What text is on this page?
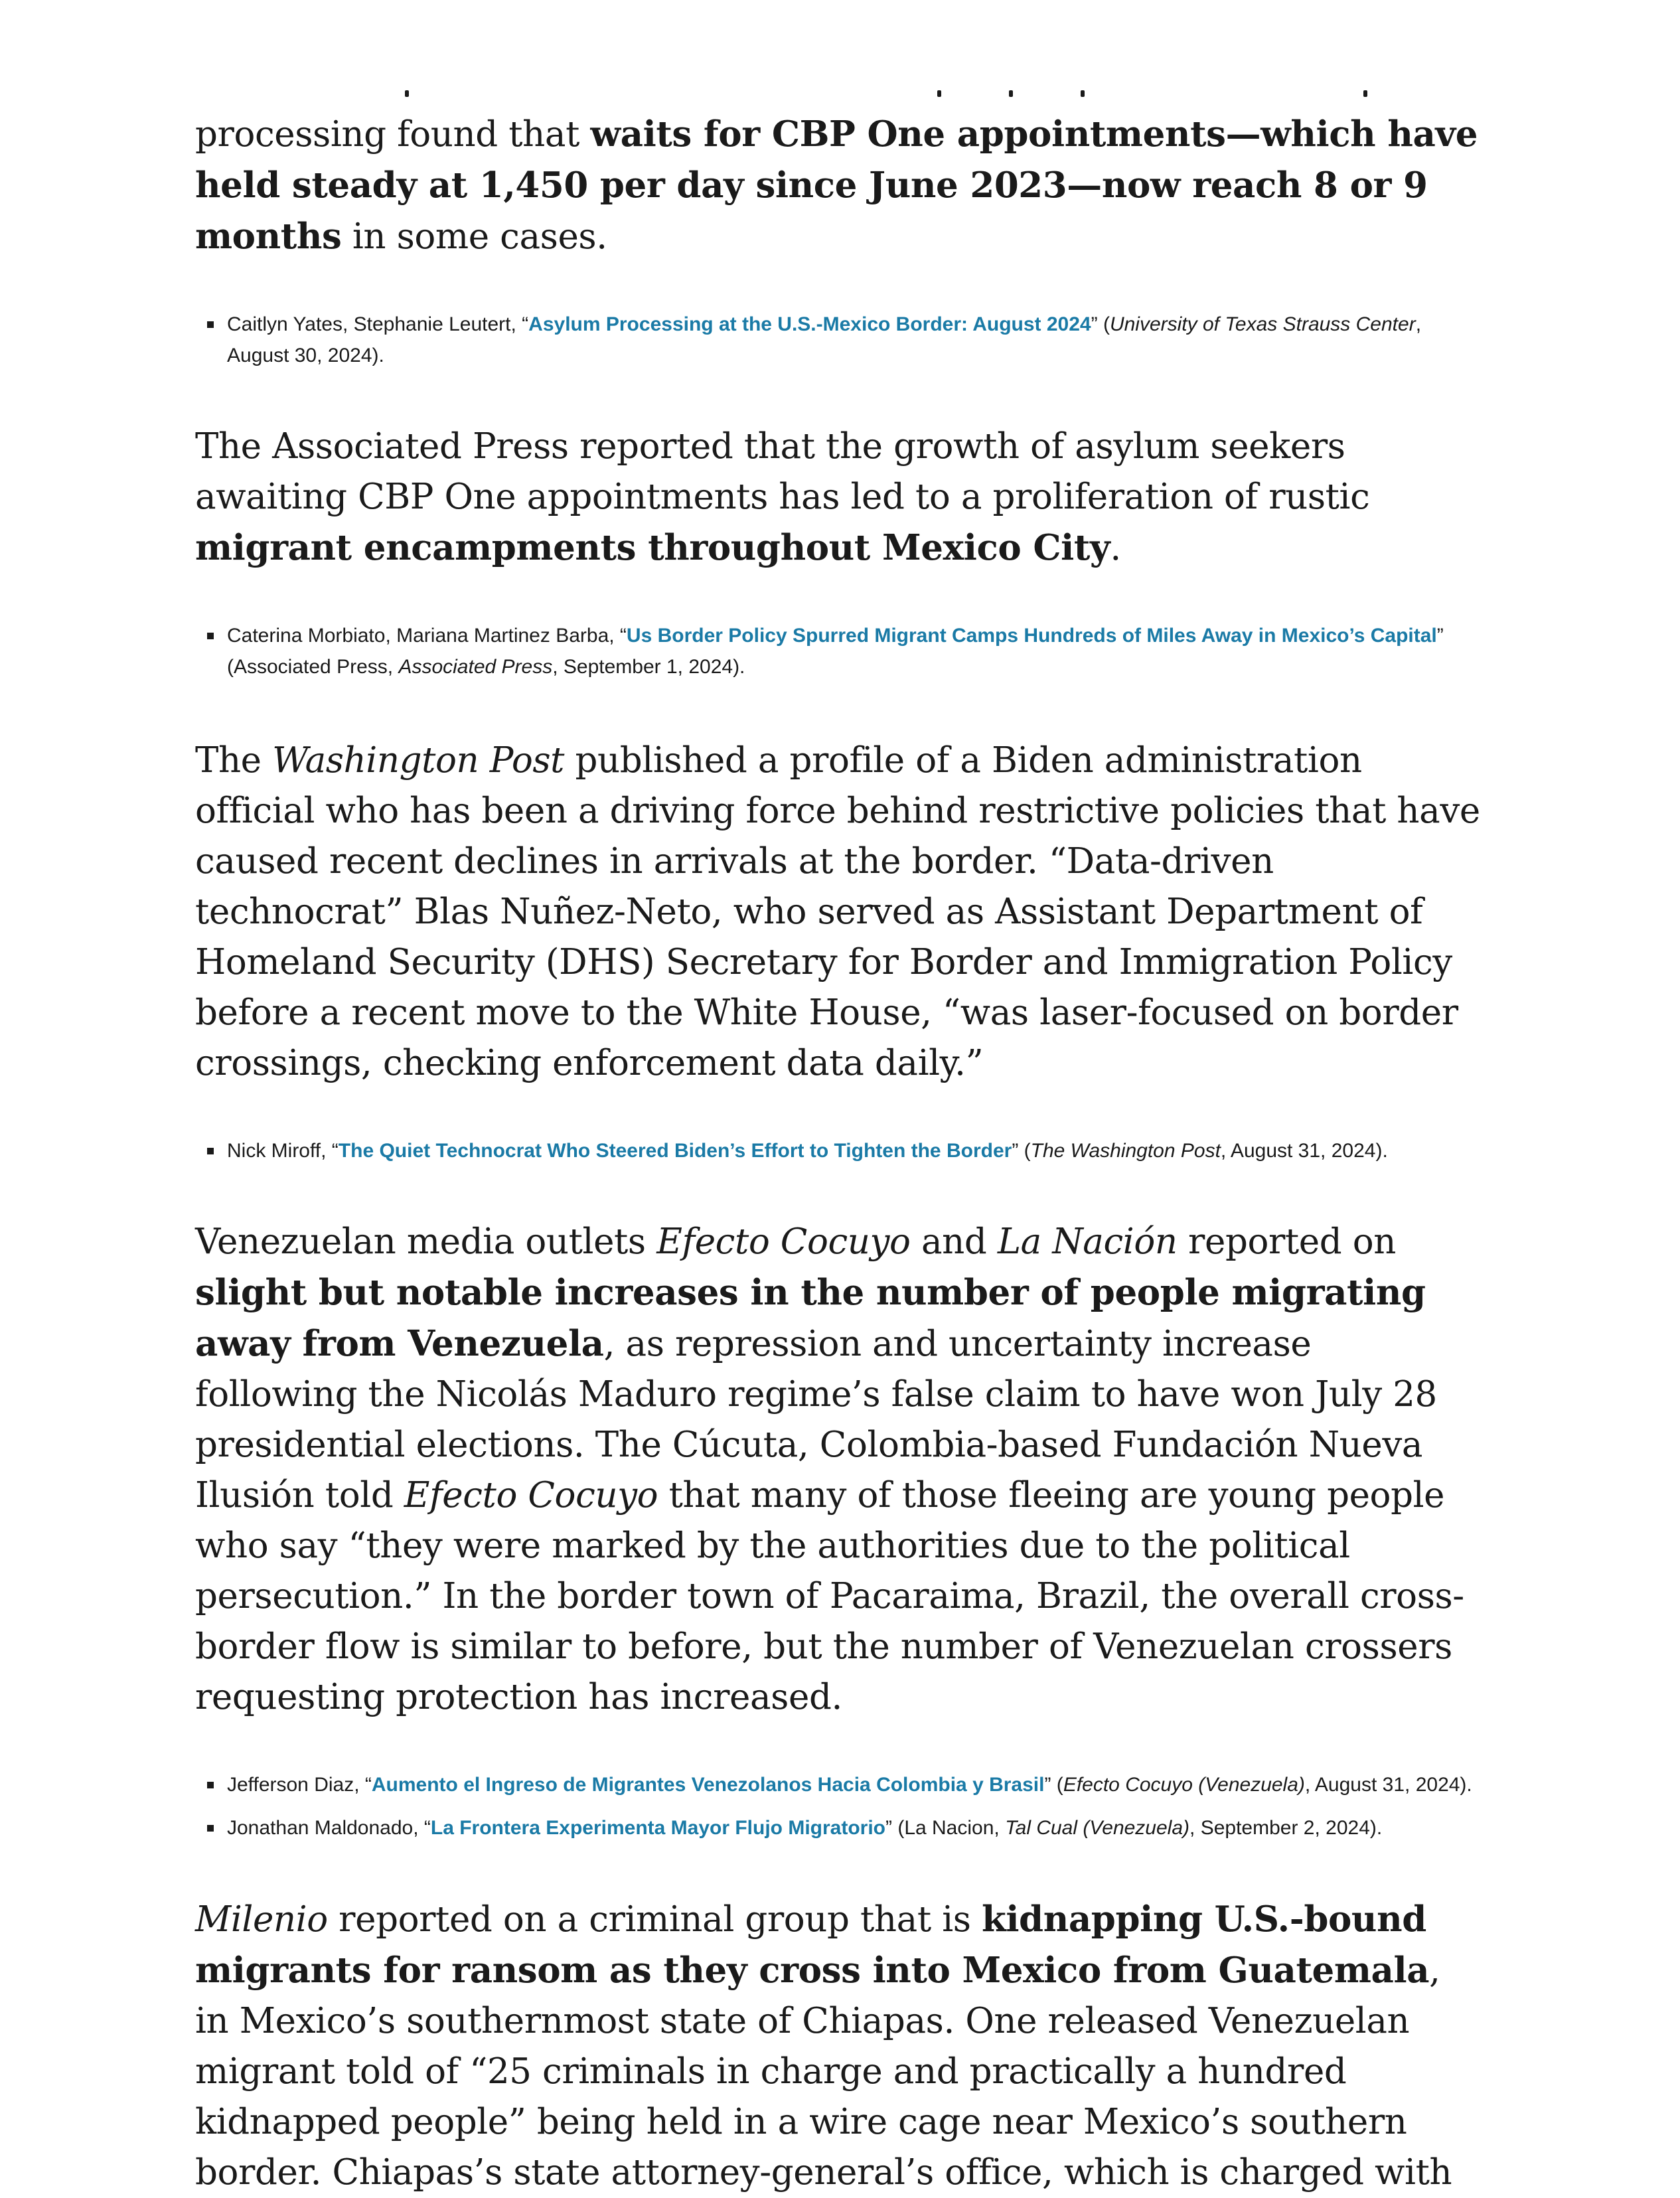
processing found that waits for CBP One appointments—which have held steady at 1,450 per day since June 2023—now reach 8 or 9 months in some cases.

Caitlyn Yates, Stephanie Leutert, “Asylum Processing at the U.S.-Mexico Border: August 2024” (University of Texas Strauss Center, August 30, 2024).

The Associated Press reported that the growth of asylum seekers awaiting CBP One appointments has led to a proliferation of rustic migrant encampments throughout Mexico City.

Caterina Morbiato, Mariana Martinez Barba, “Us Border Policy Spurred Migrant Camps Hundreds of Miles Away in Mexico’s Capital” (Associated Press, Associated Press, September 1, 2024).

The Washington Post published a profile of a Biden administration official who has been a driving force behind restrictive policies that have caused recent declines in arrivals at the border. “Data-driven technocrat” Blas Nuñez-Neto, who served as Assistant Department of Homeland Security (DHS) Secretary for Border and Immigration Policy before a recent move to the White House, “was laser-focused on border crossings, checking enforcement data daily.”

Nick Miroff, “The Quiet Technocrat Who Steered Biden’s Effort to Tighten the Border” (The Washington Post, August 31, 2024).

Venezuelan media outlets Efecto Cocuyo and La Nación reported on slight but notable increases in the number of people migrating away from Venezuela, as repression and uncertainty increase following the Nicolás Maduro regime’s false claim to have won July 28 presidential elections. The Cúcuta, Colombia-based Fundación Nueva Ilusión told Efecto Cocuyo that many of those fleeing are young people who say “they were marked by the authorities due to the political persecution.” In the border town of Pacaraima, Brazil, the overall cross-border flow is similar to before, but the number of Venezuelan crossers requesting protection has increased.

Jefferson Diaz, “Aumento el Ingreso de Migrantes Venezolanos Hacia Colombia y Brasil” (Efecto Cocuyo (Venezuela), August 31, 2024).
Jonathan Maldonado, “La Frontera Experimenta Mayor Flujo Migratorio” (La Nacion, Tal Cual (Venezuela), September 2, 2024).

Milenio reported on a criminal group that is kidnapping U.S.-bound migrants for ransom as they cross into Mexico from Guatemala, in Mexico’s southernmost state of Chiapas. One released Venezuelan migrant told of “25 criminals in charge and practically a hundred kidnapped people” being held in a wire cage near Mexico’s southern border. Chiapas’s state attorney-general’s office, which is charged with
